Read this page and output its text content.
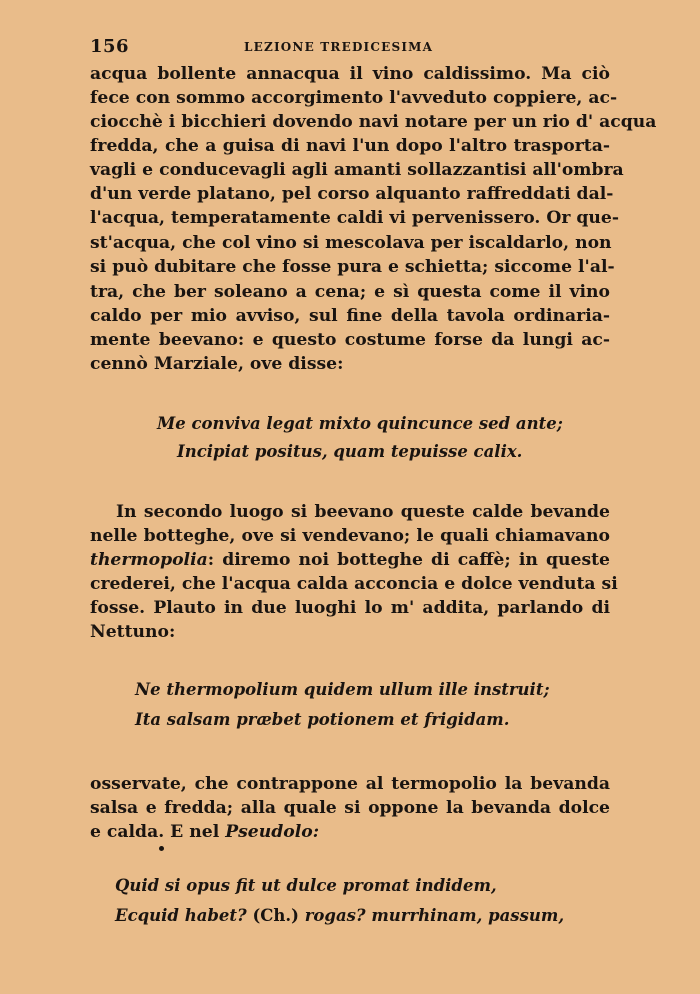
156	LEZIONE TREDICESIMA
acqua bollente annacqua il vino caldissimo. Ma ciò
fece con sommo accorgimento l'avveduto coppiere, ac-
ciocchè i bicchieri dovendo navi notare per un rio d' acqua
fredda, che a guisa di navi l'un dopo l'altro trasporta-
vagli e conducevagli agli amanti sollazzantisi all'ombra
d'un verde platano, pel corso alquanto raffreddati dal-
l'acqua, temperatamente caldi vi pervenissero. Or que-
st'acqua, che col vino si mescolava per iscaldarlo, non
si può dubitare che fosse pura e schietta; siccome l'al-
tra, che ber soleano a cena; e sì questa come il vino
caldo per mio avviso, sul fine della tavola ordinaria-
mente beevano: e questo costume forse da lungi ac-
cennò Marziale, ove disse:
Me conviva legat mixto quincunce sed ante;
Incipiat positus, quam tepuisse calix.
In secondo luogo si beevano queste calde bevande
nelle botteghe, ove si vendevano; le quali chiamavano
thermopolia: diremo noi botteghe di caffè; in queste
crederei, che l'acqua calda acconcia e dolce venduta si
fosse. Plauto in due luoghi lo m' addita, parlando di
Nettuno:
Ne thermopolium quidem ullum ille instruit;
Ita salsam præbet potionem et frigidam.
osservate, che contrappone al termopolio la bevanda
salsa e fredda; alla quale si oppone la bevanda dolce
e calda. E nel Pseudolo:
Quid si opus fit ut dulce promat indidem,
Ecquid habet? (Ch.) rogas? murrhinam, passum,
